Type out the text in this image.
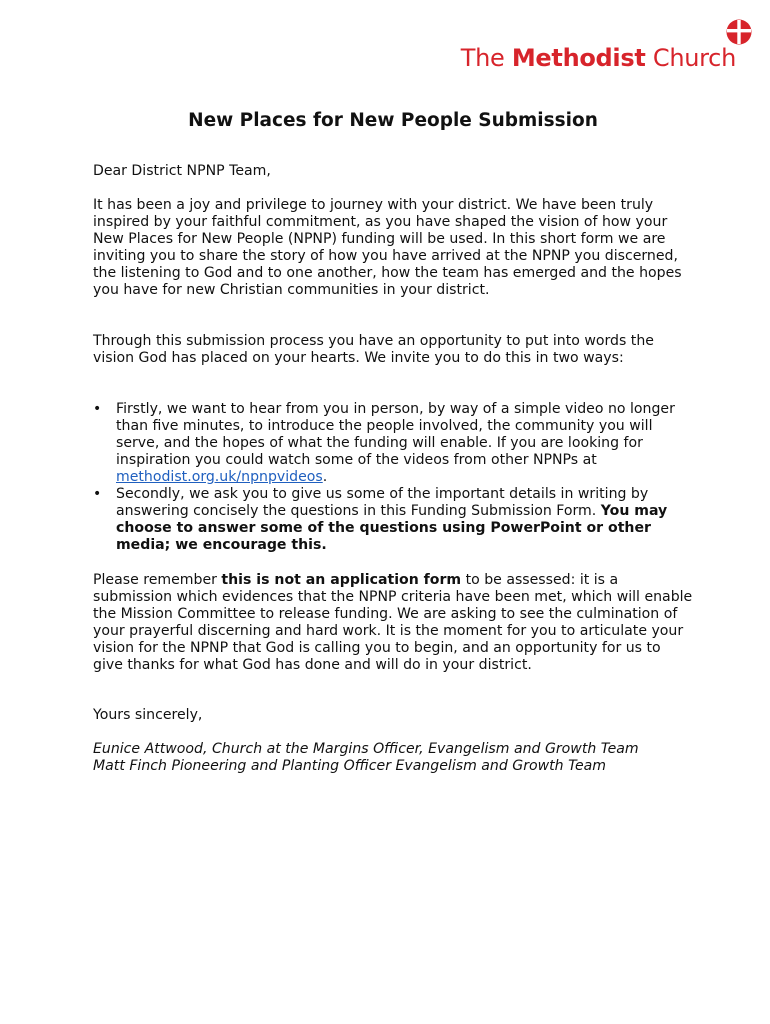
The Methodist Church
New Places for New People Submission

Dear District NPNP Team,

It has been a joy and privilege to journey with your district. We have been truly inspired by your faithful commitment, as you have shaped the vision of how your New Places for New People (NPNP) funding will be used. In this short form we are inviting you to share the story of how you have arrived at the NPNP you discerned, the listening to God and to one another, how the team has emerged and the hopes you have for new Christian communities in your district.

Through this submission process you have an opportunity to put into words the vision God has placed on your hearts. We invite you to do this in two ways:

• Firstly, we want to hear from you in person, by way of a simple video no longer than five minutes, to introduce the people involved, the community you will serve, and the hopes of what the funding will enable. If you are looking for inspiration you could watch some of the videos from other NPNPs at methodist.org.uk/npnpvideos.
• Secondly, we ask you to give us some of the important details in writing by answering concisely the questions in this Funding Submission Form. You may choose to answer some of the questions using PowerPoint or other media; we encourage this.

Please remember this is not an application form to be assessed: it is a submission which evidences that the NPNP criteria have been met, which will enable the Mission Committee to release funding. We are asking to see the culmination of your prayerful discerning and hard work. It is the moment for you to articulate your vision for the NPNP that God is calling you to begin, and an opportunity for us to give thanks for what God has done and will do in your district.

Yours sincerely,

Eunice Attwood, Church at the Margins Officer, Evangelism and Growth Team
Matt Finch Pioneering and Planting Officer Evangelism and Growth Team
